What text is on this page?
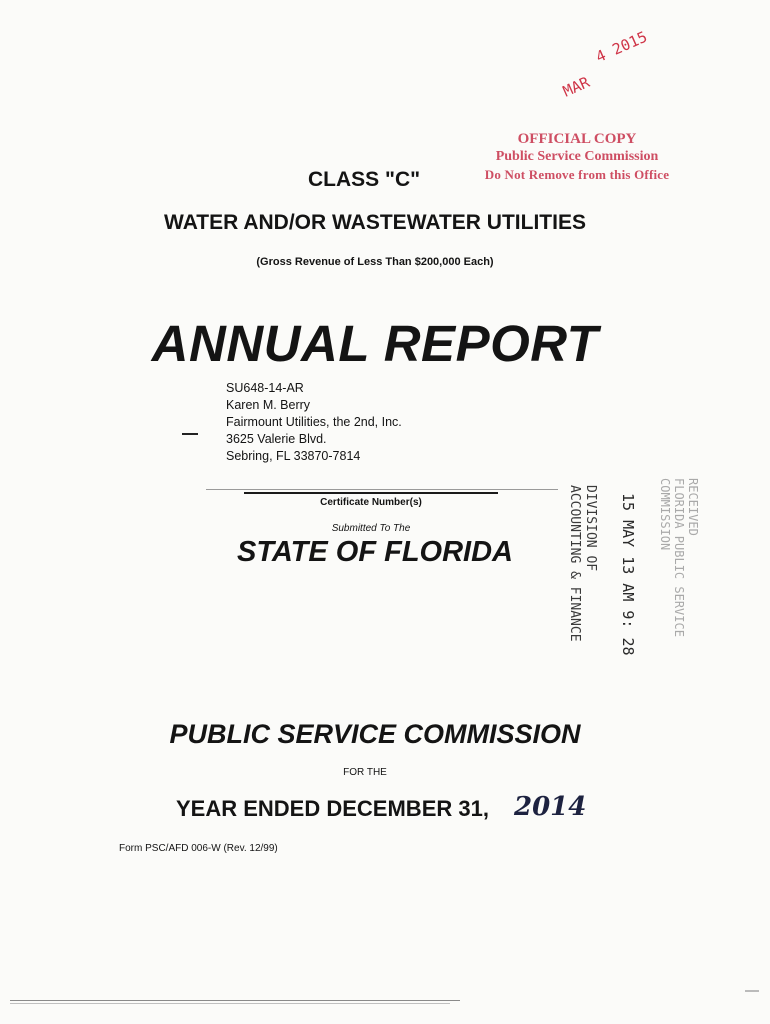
MAR
4 2015
OFFICIAL COPY
Public Service Commission
Do Not Remove from this Office
CLASS "C"
WATER AND/OR WASTEWATER UTILITIES
(Gross Revenue of Less Than $200,000 Each)
ANNUAL REPORT
SU648-14-AR
Karen M. Berry
Fairmount Utilities, the 2nd, Inc.
3625 Valerie Blvd.
Sebring, FL 33870-7814
Certificate Number(s)
Submitted To The
STATE OF FLORIDA
RECEIVED
FLORIDA PUBLIC SERVICE
COMMISSION
15 MAY 13 AM 9: 28
DIVISION OF
ACCOUNTING & FINANCE
PUBLIC SERVICE COMMISSION
FOR THE
YEAR ENDED DECEMBER 31, 2014
Form PSC/AFD 006-W (Rev. 12/99)
